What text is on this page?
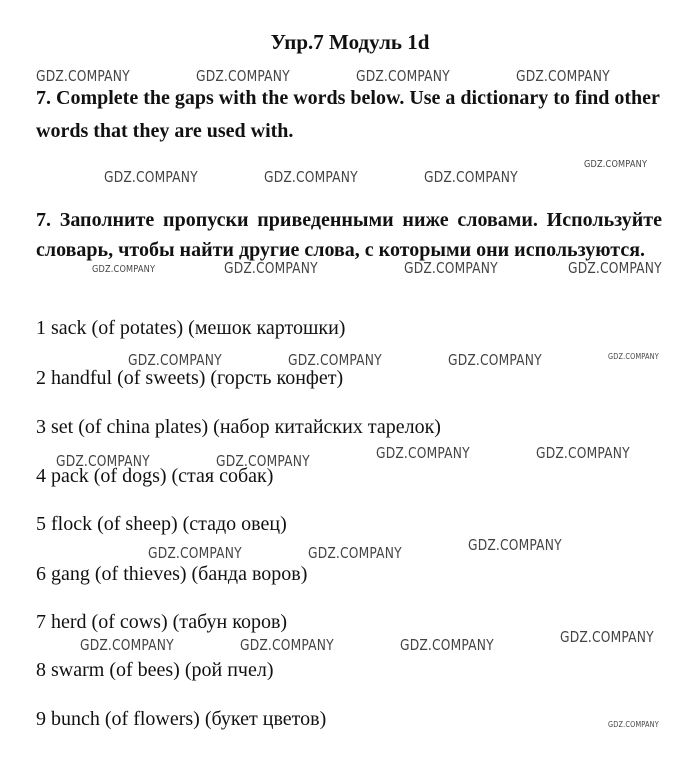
Упр.7 Модуль 1d
7. Complete the gaps with the words below. Use a dictionary to find other words that they are used with.
7. Заполните пропуски приведенными ниже словами. Используйте словарь, чтобы найти другие слова, с которыми они используются.
1 sack (of potates) (мешок картошки)
2 handful (of sweets) (горсть конфет)
3 set (of china plates) (набор китайских тарелок)
4 pack (of dogs) (стая собак)
5 flock (of sheep) (стадо овец)
6 gang (of thieves) (банда воров)
7 herd (of cows) (табун коров)
8 swarm (of bees) (рой пчел)
9 bunch (of flowers) (букет цветов)
GDZ.COMPANY	GDZ.COMPANY	GDZ.COMPANY	GDZ.COMPANY
GDZ.COMPANY
GDZ.COMPANY	GDZ.COMPANY	GDZ.COMPANY
GDZ.COMPANY	GDZ.COMPANY	GDZ.COMPANY	GDZ.COMPANY
GDZ.COMPANY	GDZ.COMPANY	GDZ.COMPANY	GDZ.COMPANY
GDZ.COMPANY	GDZ.COMPANY
GDZ.COMPANY	GDZ.COMPANY
GDZ.COMPANY
GDZ.COMPANY	GDZ.COMPANY
GDZ.COMPANY
GDZ.COMPANY	GDZ.COMPANY	GDZ.COMPANY
GDZ.COMPANY
